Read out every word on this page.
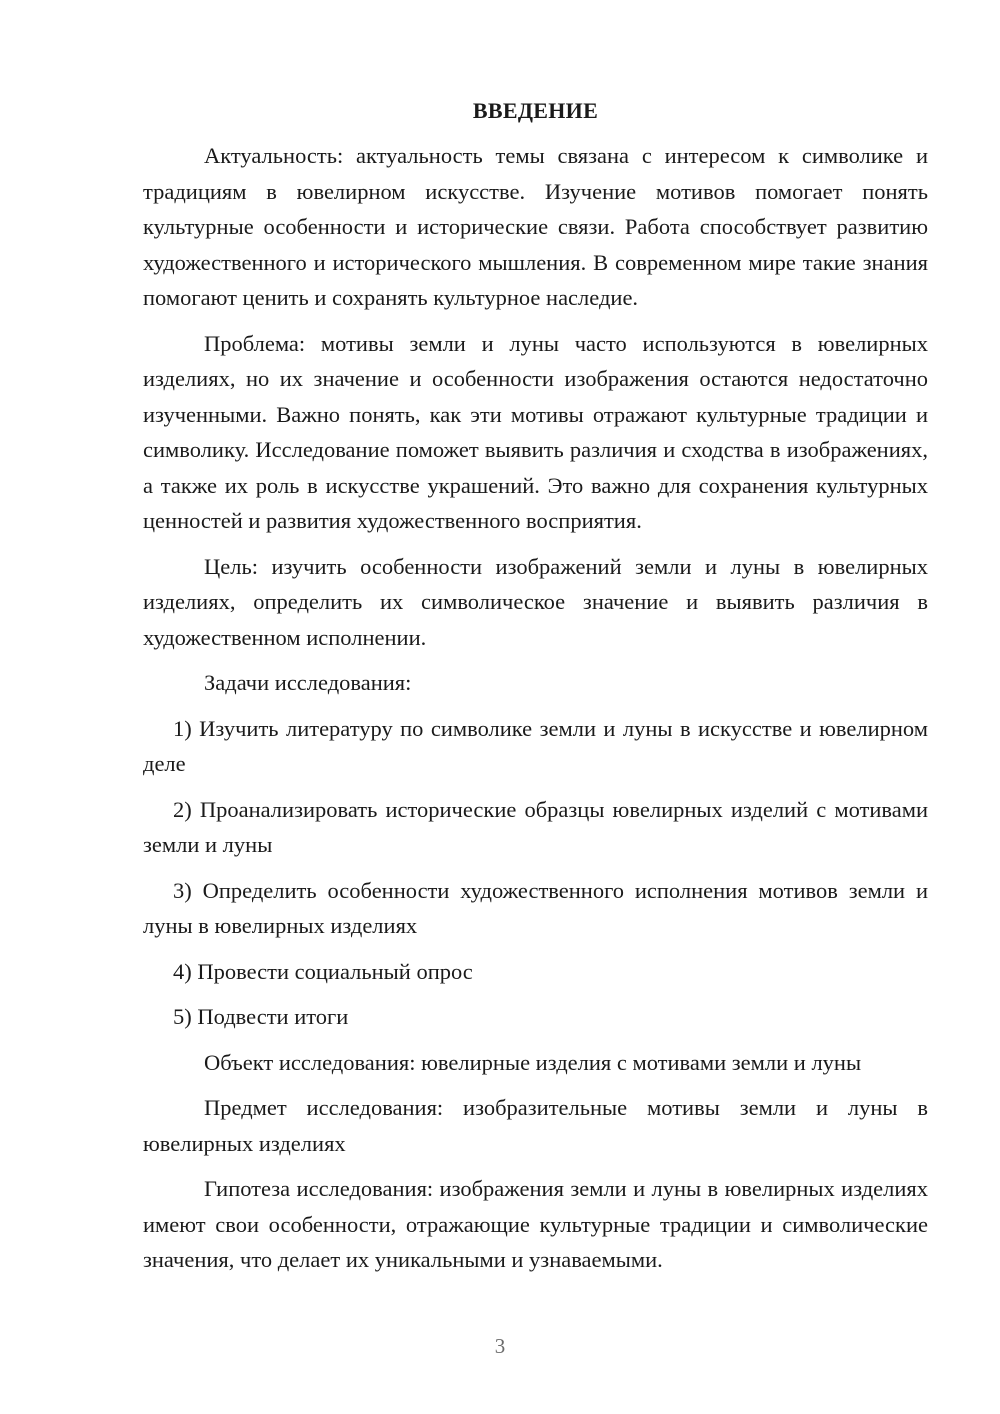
ВВЕДЕНИЕ

Актуальность: актуальность темы связана с интересом к символике и традициям в ювелирном искусстве. Изучение мотивов помогает понять культурные особенности и исторические связи. Работа способствует развитию художественного и исторического мышления. В современном мире такие знания помогают ценить и сохранять культурное наследие.

Проблема: мотивы земли и луны часто используются в ювелирных изделиях, но их значение и особенности изображения остаются недостаточно изученными. Важно понять, как эти мотивы отражают культурные традиции и символику. Исследование поможет выявить различия и сходства в изображениях, а также их роль в искусстве украшений. Это важно для сохранения культурных ценностей и развития художественного восприятия.

Цель: изучить особенности изображений земли и луны в ювелирных изделиях, определить их символическое значение и выявить различия в художественном исполнении.

Задачи исследования:

1) Изучить литературу по символике земли и луны в искусстве и ювелирном деле

2) Проанализировать исторические образцы ювелирных изделий с мотивами земли и луны

3) Определить особенности художественного исполнения мотивов земли и луны в ювелирных изделиях

4) Провести социальный опрос

5) Подвести итоги

Объект исследования: ювелирные изделия с мотивами земли и луны

Предмет исследования: изобразительные мотивы земли и луны в ювелирных изделиях

Гипотеза исследования: изображения земли и луны в ювелирных изделиях имеют свои особенности, отражающие культурные традиции и символические значения, что делает их уникальными и узнаваемыми.

3
